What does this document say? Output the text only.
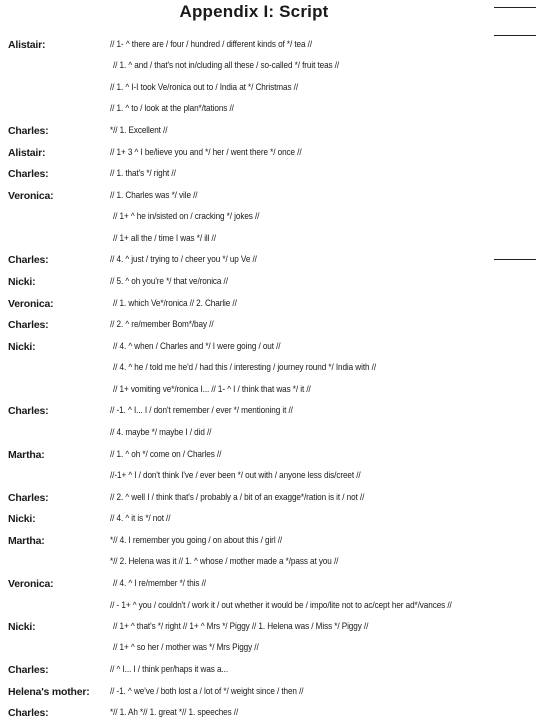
Appendix I: Script
Alistair:	// 1- ^ there are / four / hundred / different kinds of */ tea //
// 1. ^ and / that's not in/cluding all these / so-called */ fruit teas //
// 1. ^ I-I took Ve/ronica out to / India at */ Christmas //
// 1. ^ to / look at the plan*/tations //
Charles:	*// 1. Excellent //
Alistair:	// 1+ 3 ^ I be/lieve you and */ her / went there */ once //
Charles:	// 1. that's */ right //
Veronica:	// 1. Charles was */ vile //
// 1+ ^ he in/sisted on / cracking */ jokes //
// 1+ all the / time I was */ ill //
Charles:	// 4. ^ just / trying to / cheer you */ up Ve //
Nicki:	// 5. ^ oh you're */ that ve/ronica //
Veronica:	// 1. which Ve*/ronica // 2. Charlie //
Charles:	// 2. ^ re/member Bom*/bay //
Nicki:	// 4. ^ when / Charles and */ I were going / out //
// 4. ^ he / told me he'd / had this / interesting / journey round */ India with //
// 1+ vomiting ve*/ronica I... // 1- ^ I / think that was */ it //
Charles:	// -1. ^ I... I / don't remember / ever */ mentioning it //
// 4. maybe */ maybe I / did //
Martha:	// 1. ^ oh */ come on / Charles //
//-1+ ^ I / don't think I've / ever been */ out with / anyone less dis/creet //
Charles:	// 2. ^ well I / think that's / probably a / bit of an exagge*/ration is it / not //
Nicki:	// 4. ^ it is */ not //
Martha:	*// 4. I remember you going / on about this / girl //
*// 2. Helena was it // 1. ^ whose / mother made a */pass at you //
Veronica:	// 4. ^ I re/member */ this //
// - 1+ ^ you / couldn't / work it / out whether it would be / impo/lite not to ac/cept her ad*/vances //
Nicki:	// 1+ ^ that's */ right // 1+ ^ Mrs */ Piggy // 1. Helena was / Miss */ Piggy //
// 1+ ^ so her / mother was */ Mrs Piggy //
Charles:	// ^ I... I / think per/haps it was a...
Helena's mother: // -1. ^ we've / both lost a / lot of */ weight since / then //
Charles:	*// 1. Ah *// 1. great *// 1. speeches //
